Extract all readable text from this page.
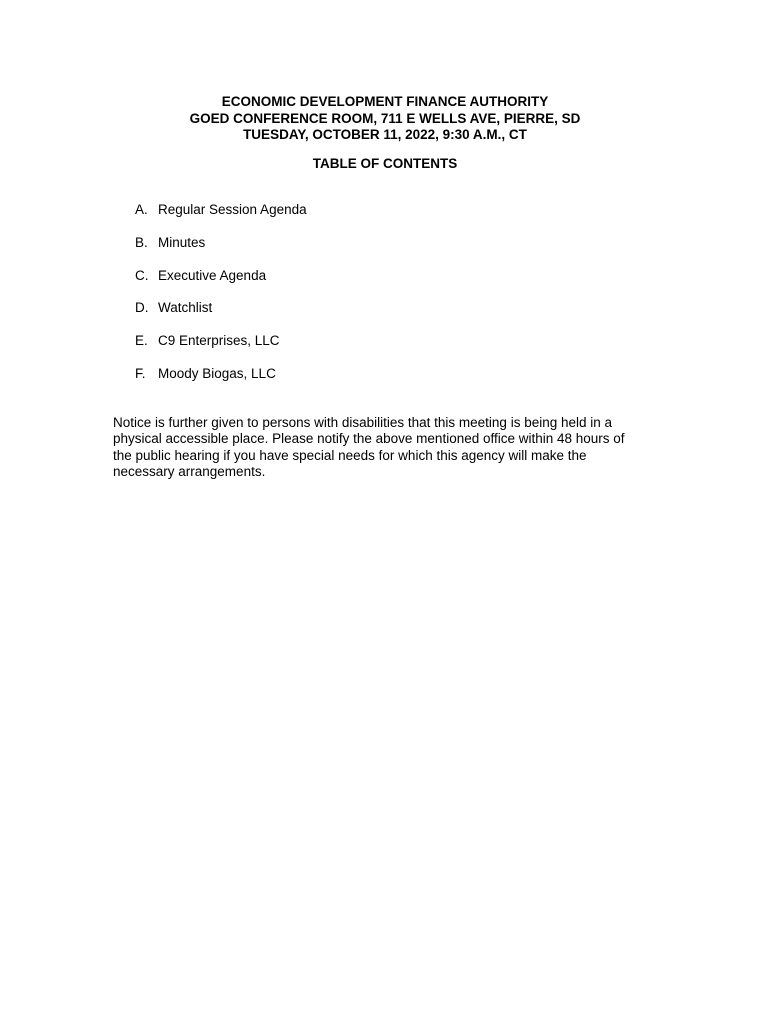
ECONOMIC DEVELOPMENT FINANCE AUTHORITY
GOED CONFERENCE ROOM, 711 E WELLS AVE, PIERRE, SD
TUESDAY, OCTOBER 11, 2022, 9:30 A.M., CT
TABLE OF CONTENTS
A. Regular Session Agenda
B. Minutes
C. Executive Agenda
D. Watchlist
E. C9 Enterprises, LLC
F. Moody Biogas, LLC

Notice is further given to persons with disabilities that this meeting is being held in a
physical accessible place. Please notify the above mentioned office within 48 hours of
the public hearing if you have special needs for which this agency will make the
necessary arrangements.
